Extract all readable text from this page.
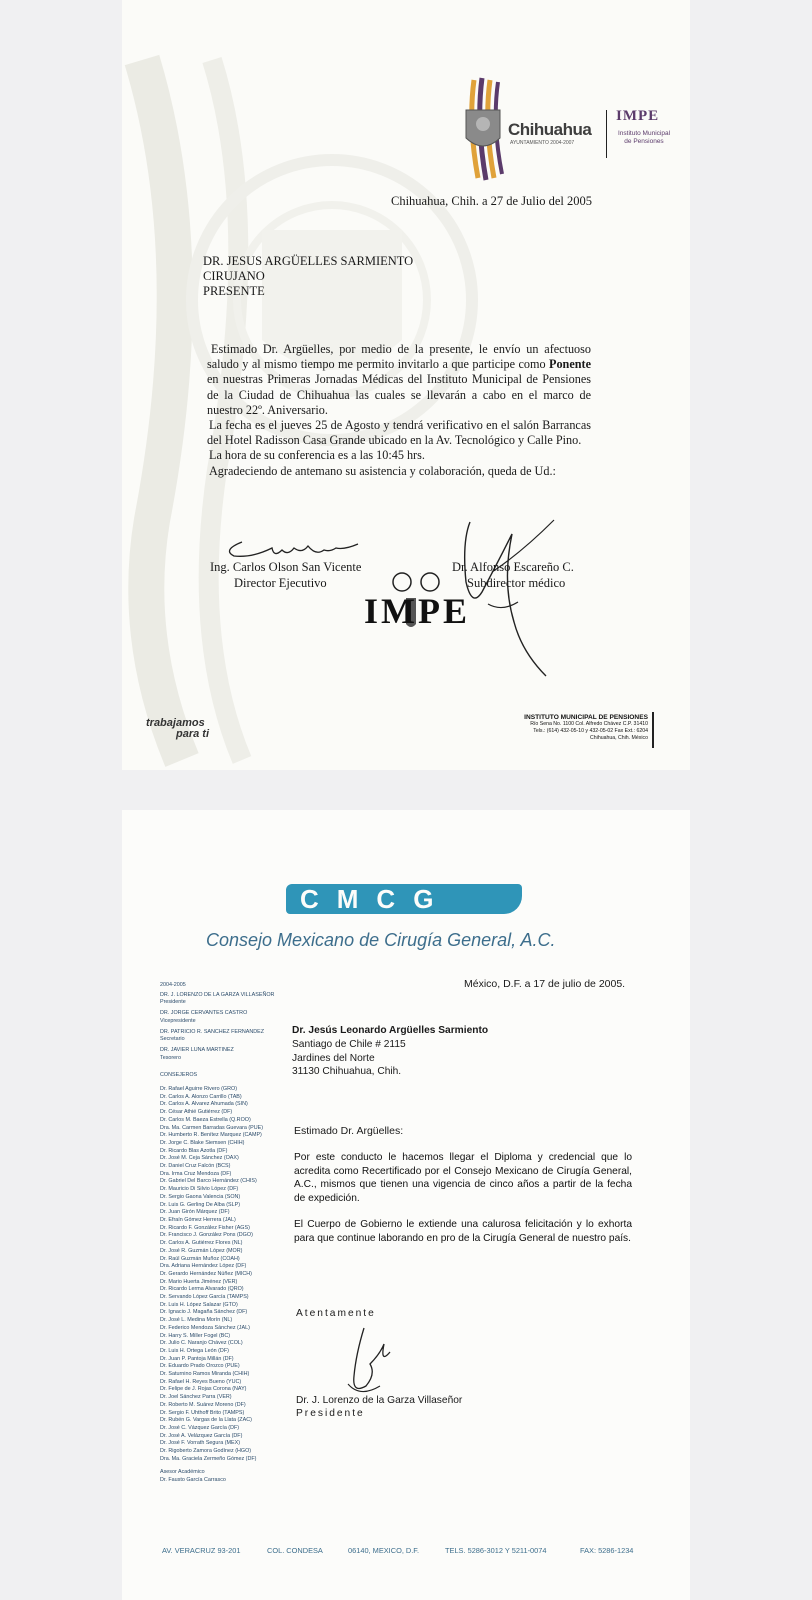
Chihuahua
AYUNTAMIENTO 2004-2007
IMPE
Instituto Municipal
de Pensiones
Chihuahua, Chih. a 27 de Julio del 2005
DR. JESUS ARGÜELLES SARMIENTO
CIRUJANO
PRESENTE
Estimado Dr. Argüelles, por medio de la presente, le envío un afectuoso saludo y al mismo tiempo me permito invitarlo a que participe como Ponente en nuestras Primeras Jornadas Médicas del Instituto Municipal de Pensiones de la Ciudad de Chihuahua las cuales se llevarán a cabo en el marco de nuestro 22º. Aniversario.
La fecha es el jueves 25 de Agosto y tendrá verificativo en el salón Barrancas del Hotel Radisson Casa Grande ubicado en la Av. Tecnológico y Calle Pino.
La hora de su conferencia es a las 10:45 hrs.
Agradeciendo de antemano su asistencia y colaboración, queda de Ud.:
Ing. Carlos Olson San Vicente
Director Ejecutivo
Dr. Alfonso Escareño C.
Subdirector médico
IMPE
trabajamos
para ti
INSTITUTO MUNICIPAL DE PENSIONES
Río Sena No. 1100 Col. Alfredo Chávez C.P. 31410
Tels.: (614) 432-05-10 y 432-05-02 Fax Ext.: 6204
Chihuahua, Chih. México
CMCG
Consejo Mexicano de Cirugía General, A.C.
2004-2005
DR. J. LORENZO DE LA GARZA VILLASEÑOR
Presidente
DR. JORGE CERVANTES CASTRO
Vicepresidente
DR. PATRICIO R. SANCHEZ FERNANDEZ
Secretario
DR. JAVIER LUNA MARTINEZ
Tesorero
CONSEJEROS
Dr. Rafael Aguirre Rivero (GRO)
Dr. Carlos A. Alonzo Carrillo (TAB)
Dr. Carlos A. Alvarez Ahumada (SIN)
Dr. César Athié Gutiérrez (DF)
Dr. Carlos M. Baeza Estrella (Q.ROO)
Dra. Ma. Carmen Barradas Guevara (PUE)
Dr. Humberto R. Benítez Marquez (CAMP)
Dr. Jorge C. Blake Siemsen (CHIH)
Dr. Ricardo Blas Azotla (DF)
Dr. José M. Ceja Sánchez (OAX)
Dr. Daniel Cruz Falcón (BCS)
Dra. Irma Cruz Mendoza (DF)
Dr. Gabriel Del Barco Hernández (CHIS)
Dr. Mauricio Di Silvio López (DF)
Dr. Sergio Gaona Valencia (SON)
Dr. Luis G. Gerling De Alba (SLP)
Dr. Juan Girón Márquez (DF)
Dr. Efraín Gómez Herrera (JAL)
Dr. Ricardo F. González Fisher (AGS)
Dr. Francisco J. González Pons (DGO)
Dr. Carlos A. Gutiérrez Flores (NL)
Dr. José R. Guzmán López (MOR)
Dr. Raúl Guzmán Muñoz (COAH)
Dra. Adriana Hernández López (DF)
Dr. Gerardo Hernández Núñez (MICH)
Dr. Mario Huerta Jiménez (VER)
Dr. Ricardo Lerma Alvarado (QRO)
Dr. Servando López García (TAMPS)
Dr. Luis H. López Salazar (GTO)
Dr. Ignacio J. Magaña Sánchez (DF)
Dr. José L. Medina Morín (NL)
Dr. Federico Mendoza Sánchez (JAL)
Dr. Harry S. Miller Fogel (BC)
Dr. Julio C. Naranjo Chávez (COL)
Dr. Luis H. Ortega León (DF)
Dr. Juan P. Pantoja Millán (DF)
Dr. Eduardo Prado Orozco (PUE)
Dr. Saturnino Ramos Miranda (CHIH)
Dr. Rafael H. Reyes Bueno (YUC)
Dr. Felipe de J. Rojas Corona (NAY)
Dr. Joel Sánchez Parra (VER)
Dr. Roberto M. Suárez Moreno (DF)
Dr. Sergio F. Uhthoff Brito (TAMPS)
Dr. Rubén G. Vargas de la Llata (ZAC)
Dr. José C. Vázquez García (DF)
Dr. José A. Velázquez García (DF)
Dr. José F. Vorrath Segura (MEX)
Dr. Rigoberto Zamora Godínez (HGO)
Dra. Ma. Graciela Zermeño Gómez (DF)
Asesor Académico
Dr. Fausto García Carrasco
México, D.F. a 17 de julio de 2005.
Dr. Jesús Leonardo Argüelles Sarmiento
Santiago de Chile # 2115
Jardines del Norte
31130 Chihuahua, Chih.
Estimado Dr. Argüelles:
Por este conducto le hacemos llegar el Diploma y credencial que lo acredita como Recertificado por el Consejo Mexicano de Cirugía General, A.C., mismos que tienen una vigencia de cinco años a partir de la fecha de expedición.
El Cuerpo de Gobierno le extiende una calurosa felicitación y lo exhorta para que continue laborando en pro de la Cirugía General de nuestro país.
Atentamente
Dr. J. Lorenzo de la Garza Villaseñor
Presidente
AV. VERACRUZ 93-201	COL. CONDESA	06140, MEXICO, D.F.	TELS. 5286-3012 Y 5211-0074	FAX: 5286-1234
